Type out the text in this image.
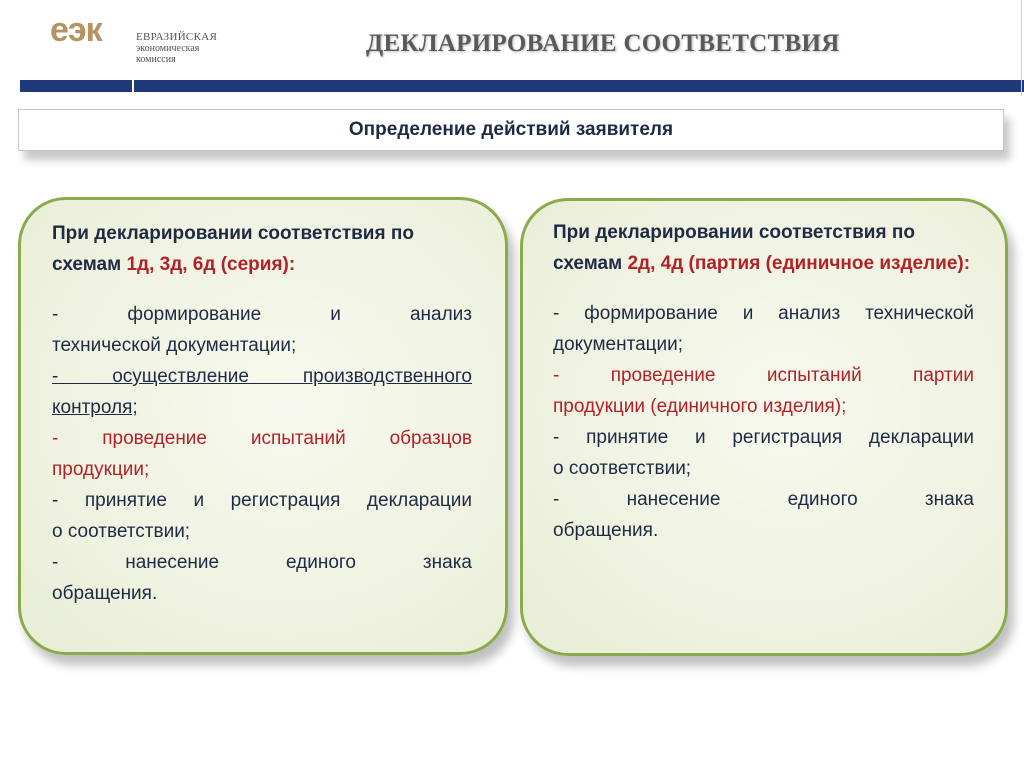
еэк	ЕВРАЗИЙСКАЯ
экономическая
комиссия
ДЕКЛАРИРОВАНИЕ СООТВЕТСТВИЯ
Определение действий заявителя
При декларировании соответствия по схемам 1д, 3д, 6д (серия):
- формирование и анализ
технической документации;
- осуществление производственного
контроля;
- проведение испытаний образцов
продукции;
- принятие и регистрация декларации
о соответствии;
- нанесение единого знака
обращения.
При декларировании соответствия по схемам 2д, 4д (партия (единичное изделие):
- формирование и анализ технической
документации;
- проведение испытаний партии
продукции (единичного изделия);
- принятие и регистрация декларации
о соответствии;
- нанесение единого знака
обращения.
